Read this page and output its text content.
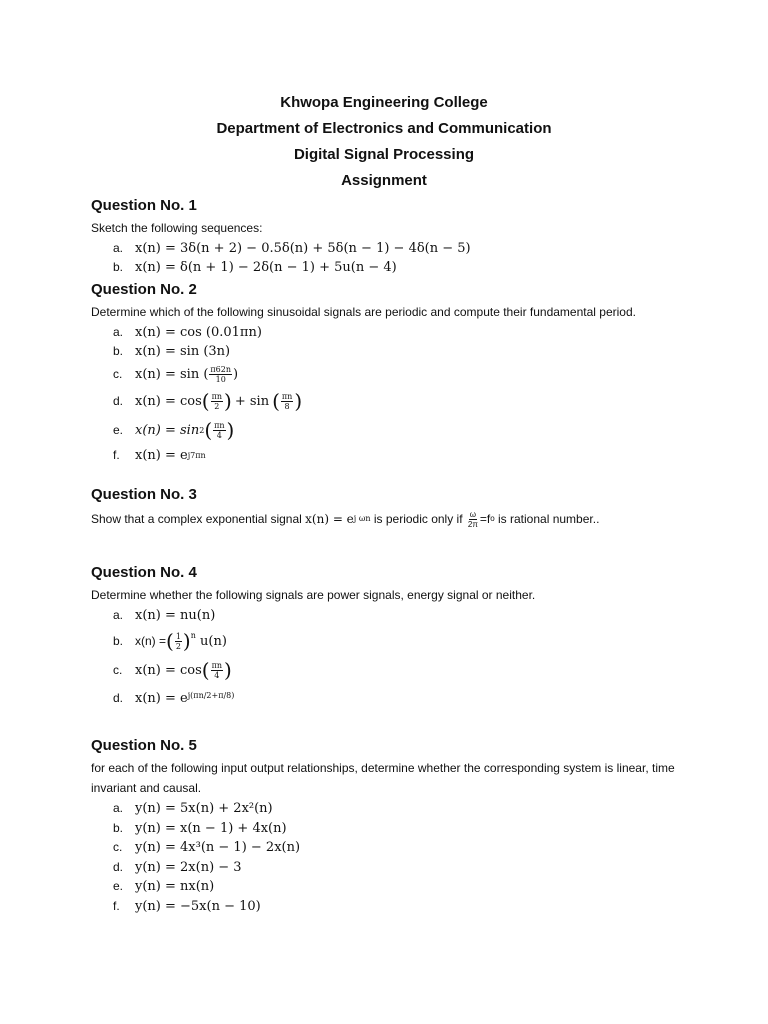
Khwopa Engineering College
Department of Electronics and Communication
Digital Signal Processing
Assignment
Question No. 1
Sketch the following sequences:
a. x(n) = 3δ(n + 2) − 0.5δ(n) + 5δ(n − 1) − 4δ(n − 5)
b. x(n) = δ(n + 1) − 2δ(n − 1) + 5u(n − 4)
Question No. 2
Determine which of the following sinusoidal signals are periodic and compute their fundamental period.
a. x(n) = cos (0.01πn)
b. x(n) = sin (3n)
c. x(n) = sin ( $\frac{\pi 62n}{10}$ )
d. x(n) = cos ( $\frac{\pi n}{2}$ ) + sin ( $\frac{\pi n}{8}$ )
e. x(n) = sin 2 ( $\frac{\pi n}{4}$ )
f.	x(n) = e j7πn
Question No. 3
Show that a complex exponential signal
x(n) = e j ωn
is periodic only if
$\frac{\omega}{2\pi} =f$ o
is rational number..
Question No. 4
Determine whether the following signals are power signals, energy signal or neither.
a. x(n) = nu(n)
b. x(n) = ( $\frac{1}{2} )^n$
u(n)
c. x(n) = cos ( $\frac{\pi n}{4}$ )
d. $x(n) = e^{j(\pi n/2+\pi/8)}$
Question No. 5
for each of the following input output relationships, determine whether the corresponding system is linear, time invariant and causal.
a. y(n) = 5x(n) + 2x²(n)
b. y(n) = x(n − 1) + 4x(n)
c. y(n) = 4x³(n − 1) − 2x(n)
d. y(n) = 2x(n) − 3
e. y(n) = nx(n)
f.	y(n) = −5x(n − 10)
